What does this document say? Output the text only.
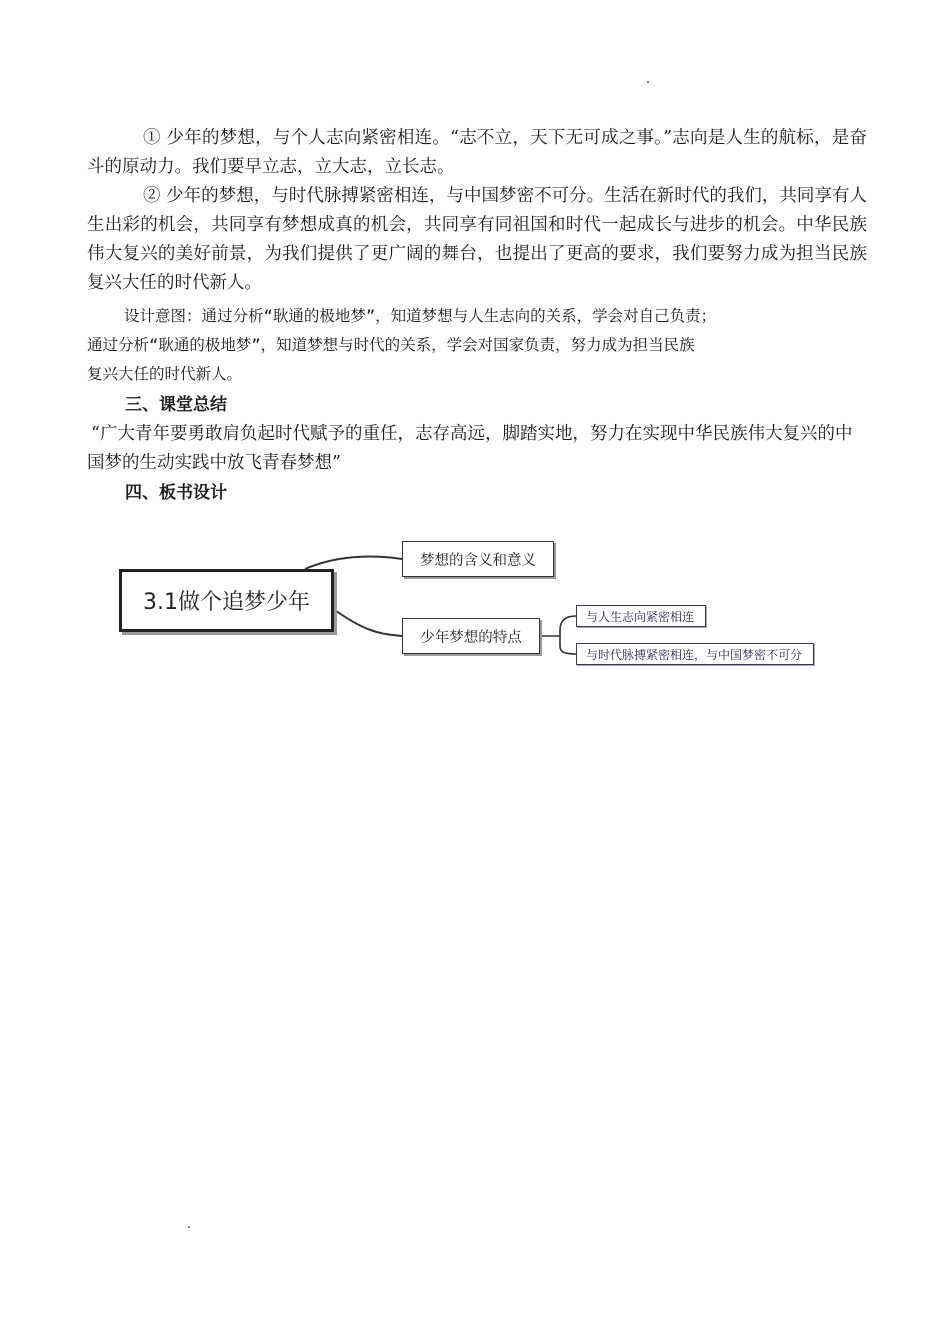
① 少年的梦想，与个人志向紧密相连。“志不立，天下无可成之事。”志向是人生的航标，是奋斗的原动力。我们要早立志，立大志，立长志。

② 少年的梦想，与时代脉搏紧密相连，与中国梦密不可分。生活在新时代的我们，共同享有人生出彩的机会，共同享有梦想成真的机会，共同享有同祖国和时代一起成长与进步的机会。中华民族伟大复兴的美好前景，为我们提供了更广阔的舞台，也提出了更高的要求，我们要努力成为担当民族复兴大任的时代新人。

设计意图：通过分析“耿通的极地梦”，知道梦想与人生志向的关系，学会对自己负责；
通过分析“耿通的极地梦”，知道梦想与时代的关系，学会对国家负责，努力成为担当民族
复兴大任的时代新人。
三、课堂总结

“广大青年要勇敢肩负起时代赋予的重任，志存高远，脚踏实地，努力在实现中华民族伟大复兴的中国梦的生动实践中放飞青春梦想”

四、板书设计
3.1做个追梦少年
梦想的含义和意义
少年梦想的特点
与人生志向紧密相连
与时代脉搏紧密相连，与中国梦密不可分
